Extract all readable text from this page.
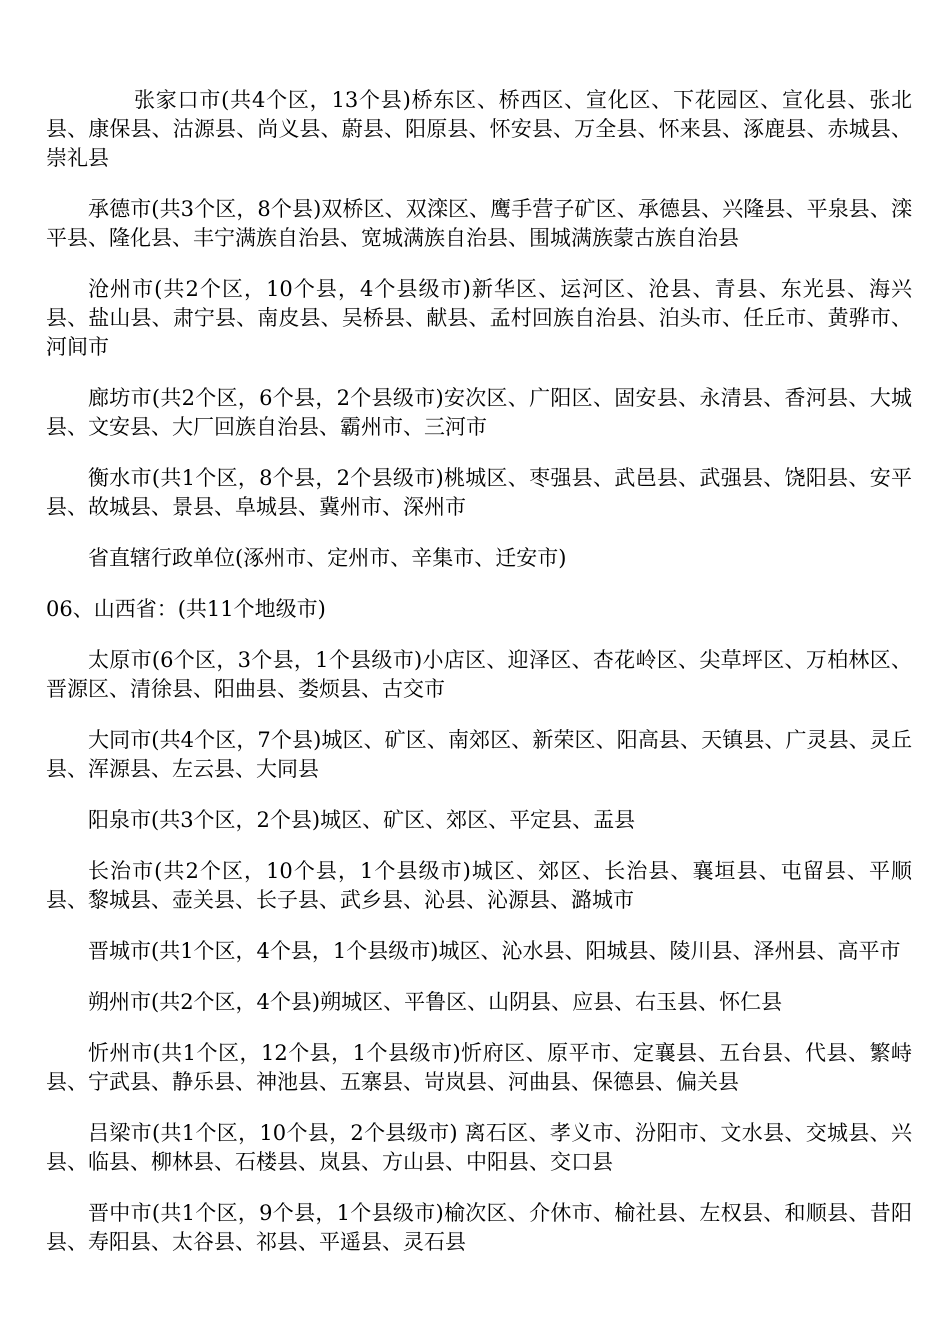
张家口市(共4个区，13个县)桥东区、桥西区、宣化区、下花园区、宣化县、张北县、康保县、沽源县、尚义县、蔚县、阳原县、怀安县、万全县、怀来县、涿鹿县、赤城县、崇礼县

承德市(共3个区，8个县)双桥区、双滦区、鹰手营子矿区、承德县、兴隆县、平泉县、滦平县、隆化县、丰宁满族自治县、宽城满族自治县、围城满族蒙古族自治县

沧州市(共2个区，10个县，4个县级市)新华区、运河区、沧县、青县、东光县、海兴县、盐山县、肃宁县、南皮县、吴桥县、献县、孟村回族自治县、泊头市、任丘市、黄骅市、河间市

廊坊市(共2个区，6个县，2个县级市)安次区、广阳区、固安县、永清县、香河县、大城县、文安县、大厂回族自治县、霸州市、三河市

衡水市(共1个区，8个县，2个县级市)桃城区、枣强县、武邑县、武强县、饶阳县、安平县、故城县、景县、阜城县、冀州市、深州市

省直辖行政单位(涿州市、定州市、辛集市、迁安市)

06、山西省：(共11个地级市)

太原市(6个区，3个县，1个县级市)小店区、迎泽区、杏花岭区、尖草坪区、万柏林区、晋源区、清徐县、阳曲县、娄烦县、古交市

大同市(共4个区，7个县)城区、矿区、南郊区、新荣区、阳高县、天镇县、广灵县、灵丘县、浑源县、左云县、大同县

阳泉市(共3个区，2个县)城区、矿区、郊区、平定县、盂县

长治市(共2个区，10个县，1个县级市)城区、郊区、长治县、襄垣县、屯留县、平顺县、黎城县、壶关县、长子县、武乡县、沁县、沁源县、潞城市

晋城市(共1个区，4个县，1个县级市)城区、沁水县、阳城县、陵川县、泽州县、高平市

朔州市(共2个区，4个县)朔城区、平鲁区、山阴县、应县、右玉县、怀仁县

忻州市(共1个区，12个县，1个县级市)忻府区、原平市、定襄县、五台县、代县、繁峙县、宁武县、静乐县、神池县、五寨县、岢岚县、河曲县、保德县、偏关县

吕梁市(共1个区，10个县，2个县级市) 离石区、孝义市、汾阳市、文水县、交城县、兴县、临县、柳林县、石楼县、岚县、方山县、中阳县、交口县

晋中市(共1个区，9个县，1个县级市)榆次区、介休市、榆社县、左权县、和顺县、昔阳县、寿阳县、太谷县、祁县、平遥县、灵石县
